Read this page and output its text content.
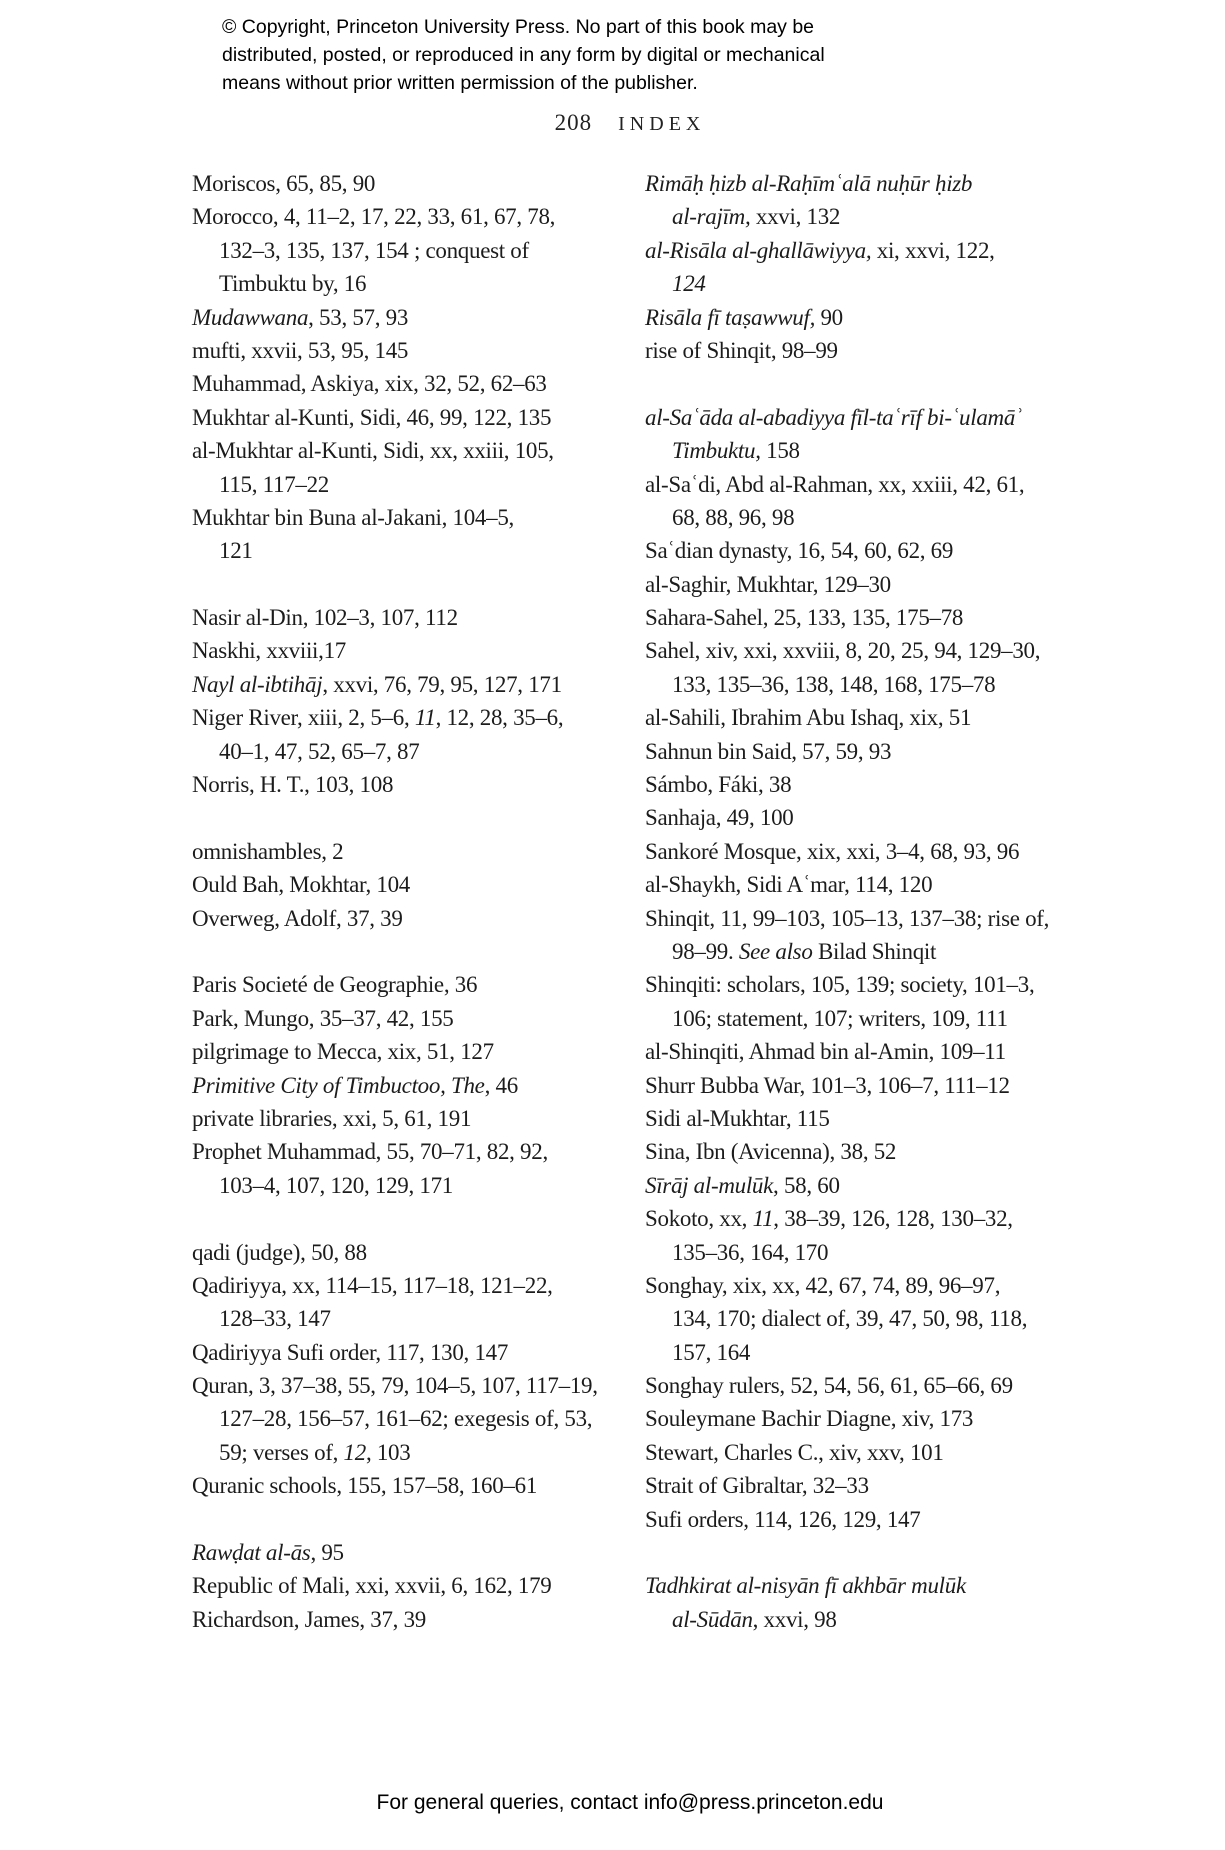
© Copyright, Princeton University Press. No part of this book may be
distributed, posted, or reproduced in any form by digital or mechanical
means without prior written permission of the publisher.
208 INDEX
Moriscos, 65, 85, 90
Morocco, 4, 11–2, 17, 22, 33, 61, 67, 78,
132–3, 135, 137, 154 ; conquest of
Timbuktu by, 16
Mudawwana, 53, 57, 93
mufti, xxvii, 53, 95, 145
Muhammad, Askiya, xix, 32, 52, 62–63
Mukhtar al-Kunti, Sidi, 46, 99, 122, 135
al-Mukhtar al-Kunti, Sidi, xx, xxiii, 105,
115, 117–22
Mukhtar bin Buna al-Jakani, 104–5,
121
Nasir al-Din, 102–3, 107, 112
Naskhi, xxviii,17
Nayl al-ibtihāj, xxvi, 76, 79, 95, 127, 171
Niger River, xiii, 2, 5–6, 11, 12, 28, 35–6,
40–1, 47, 52, 65–7, 87
Norris, H. T., 103, 108
omnishambles, 2
Ould Bah, Mokhtar, 104
Overweg, Adolf, 37, 39
Paris Societé de Geographie, 36
Park, Mungo, 35–37, 42, 155
pilgrimage to Mecca, xix, 51, 127
Primitive City of Timbuctoo, The, 46
private libraries, xxi, 5, 61, 191
Prophet Muhammad, 55, 70–71, 82, 92,
103–4, 107, 120, 129, 171
qadi (judge), 50, 88
Qadiriyya, xx, 114–15, 117–18, 121–22,
128–33, 147
Qadiriyya Sufi order, 117, 130, 147
Quran, 3, 37–38, 55, 79, 104–5, 107, 117–19,
127–28, 156–57, 161–62; exegesis of, 53,
59; verses of, 12, 103
Quranic schools, 155, 157–58, 160–61
Rawḍat al-ās, 95
Republic of Mali, xxi, xxvii, 6, 162, 179
Richardson, James, 37, 39
Rimāḥ ḥizb al-Raḥīmʿalā nuḥūr ḥizb
al-rajīm, xxvi, 132
al-Risāla al-ghallāwiyya, xi, xxvi, 122,
124
Risāla fī taṣawwuf, 90
rise of Shinqit, 98–99
al-Saʿāda al-abadiyya fīl-taʿrīf bi-ʿulamāʾ
Timbuktu, 158
al-Saʿdi, Abd al-Rahman, xx, xxiii, 42, 61,
68, 88, 96, 98
Saʿdian dynasty, 16, 54, 60, 62, 69
al-Saghir, Mukhtar, 129–30
Sahara-Sahel, 25, 133, 135, 175–78
Sahel, xiv, xxi, xxviii, 8, 20, 25, 94, 129–30,
133, 135–36, 138, 148, 168, 175–78
al-Sahili, Ibrahim Abu Ishaq, xix, 51
Sahnun bin Said, 57, 59, 93
Sámbo, Fáki, 38
Sanhaja, 49, 100
Sankoré Mosque, xix, xxi, 3–4, 68, 93, 96
al-Shaykh, Sidi Aʿmar, 114, 120
Shinqit, 11, 99–103, 105–13, 137–38; rise of,
98–99. See also Bilad Shinqit
Shinqiti: scholars, 105, 139; society, 101–3,
106; statement, 107; writers, 109, 111
al-Shinqiti, Ahmad bin al-Amin, 109–11
Shurr Bubba War, 101–3, 106–7, 111–12
Sidi al-Mukhtar, 115
Sina, Ibn (Avicenna), 38, 52
Sīrāj al-mulūk, 58, 60
Sokoto, xx, 11, 38–39, 126, 128, 130–32,
135–36, 164, 170
Songhay, xix, xx, 42, 67, 74, 89, 96–97,
134, 170; dialect of, 39, 47, 50, 98, 118,
157, 164
Songhay rulers, 52, 54, 56, 61, 65–66, 69
Souleymane Bachir Diagne, xiv, 173
Stewart, Charles C., xiv, xxv, 101
Strait of Gibraltar, 32–33
Sufi orders, 114, 126, 129, 147
Tadhkirat al-nisyān fī akhbār mulūk
al-Sūdān, xxvi, 98
For general queries, contact info@press.princeton.edu
